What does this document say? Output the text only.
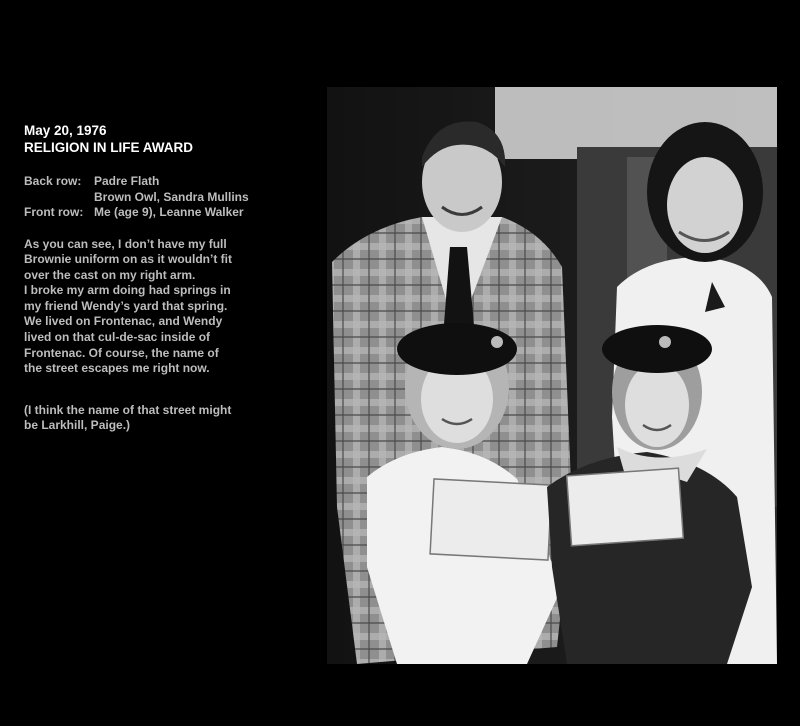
May 20, 1976

RELIGION IN LIFE AWARD

Back row:	Padre Flath
Brown Owl, Sandra Mullins
Front row: Me (age 9), Leanne Walker
As you can see, I don’t have my full
Brownie uniform on as it wouldn’t fit
over the cast on my right arm.
I broke my arm doing had springs in
my friend Wendy’s yard that spring.
We lived on Frontenac, and Wendy
lived on that cul-de-sac inside of
Frontenac. Of course, the name of
the street escapes me right now.
(I think the name of that street might
be Larkhill, Paige.)
